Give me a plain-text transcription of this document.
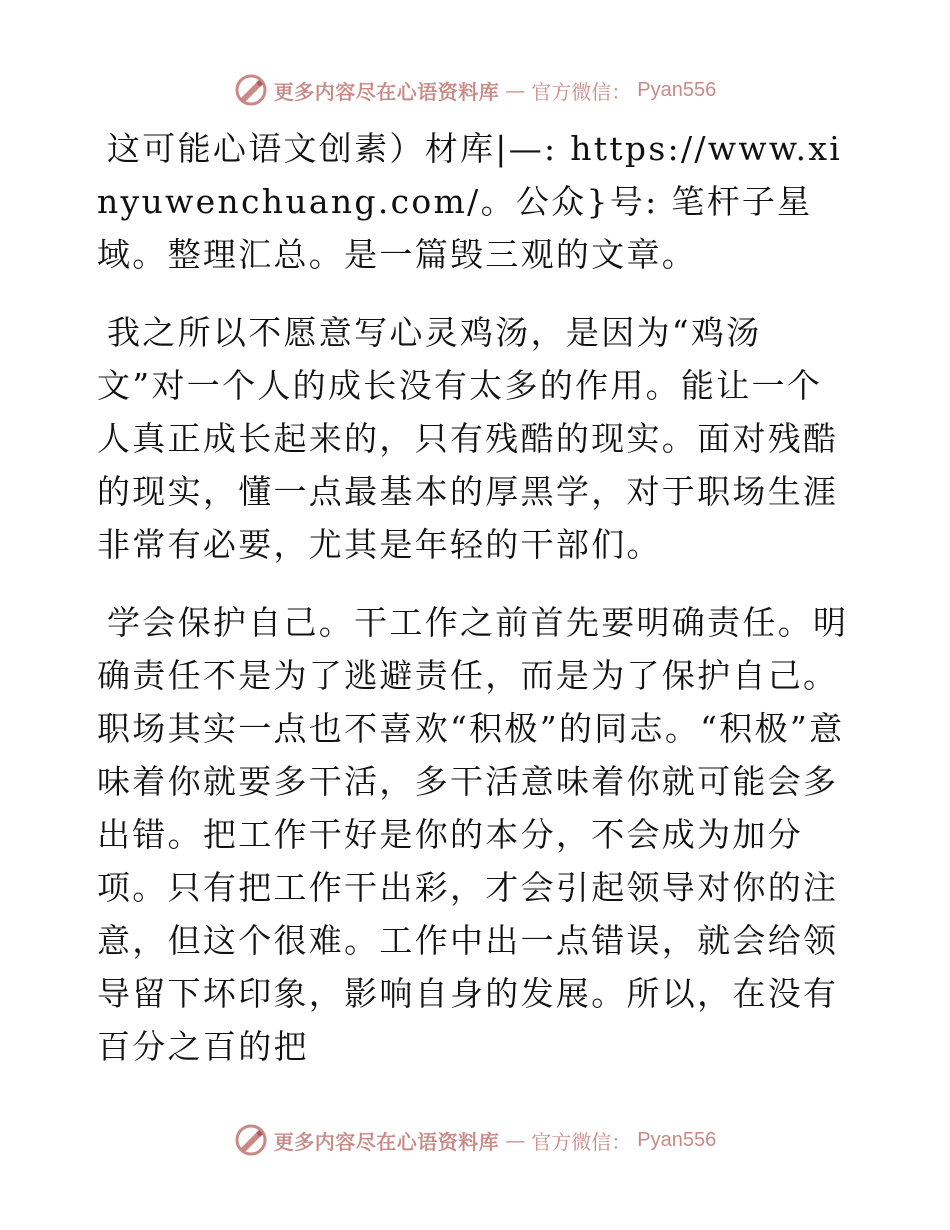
更多内容尽在心语资料库 — 官方微信： Pyan556

这可能心语文创素）材库|—: https://www.xinyuwenchuang.com/。公众}号: 笔杆子星域。整理汇总。是一篇毁三观的文章。

我之所以不愿意写心灵鸡汤，是因为“鸡汤文”对一个人的成长没有太多的作用。能让一个人真正成长起来的，只有残酷的现实。面对残酷的现实，懂一点最基本的厚黑学，对于职场生涯非常有必要，尤其是年轻的干部们。

学会保护自己。干工作之前首先要明确责任。明确责任不是为了逃避责任，而是为了保护自己。职场其实一点也不喜欢“积极”的同志。“积极”意味着你就要多干活，多干活意味着你就可能会多出错。把工作干好是你的本分，不会成为加分项。只有把工作干出彩，才会引起领导对你的注意，但这个很难。工作中出一点错误，就会给领导留下坏印象，影响自身的发展。所以，在没有百分之百的把

更多内容尽在心语资料库 — 官方微信： Pyan556
